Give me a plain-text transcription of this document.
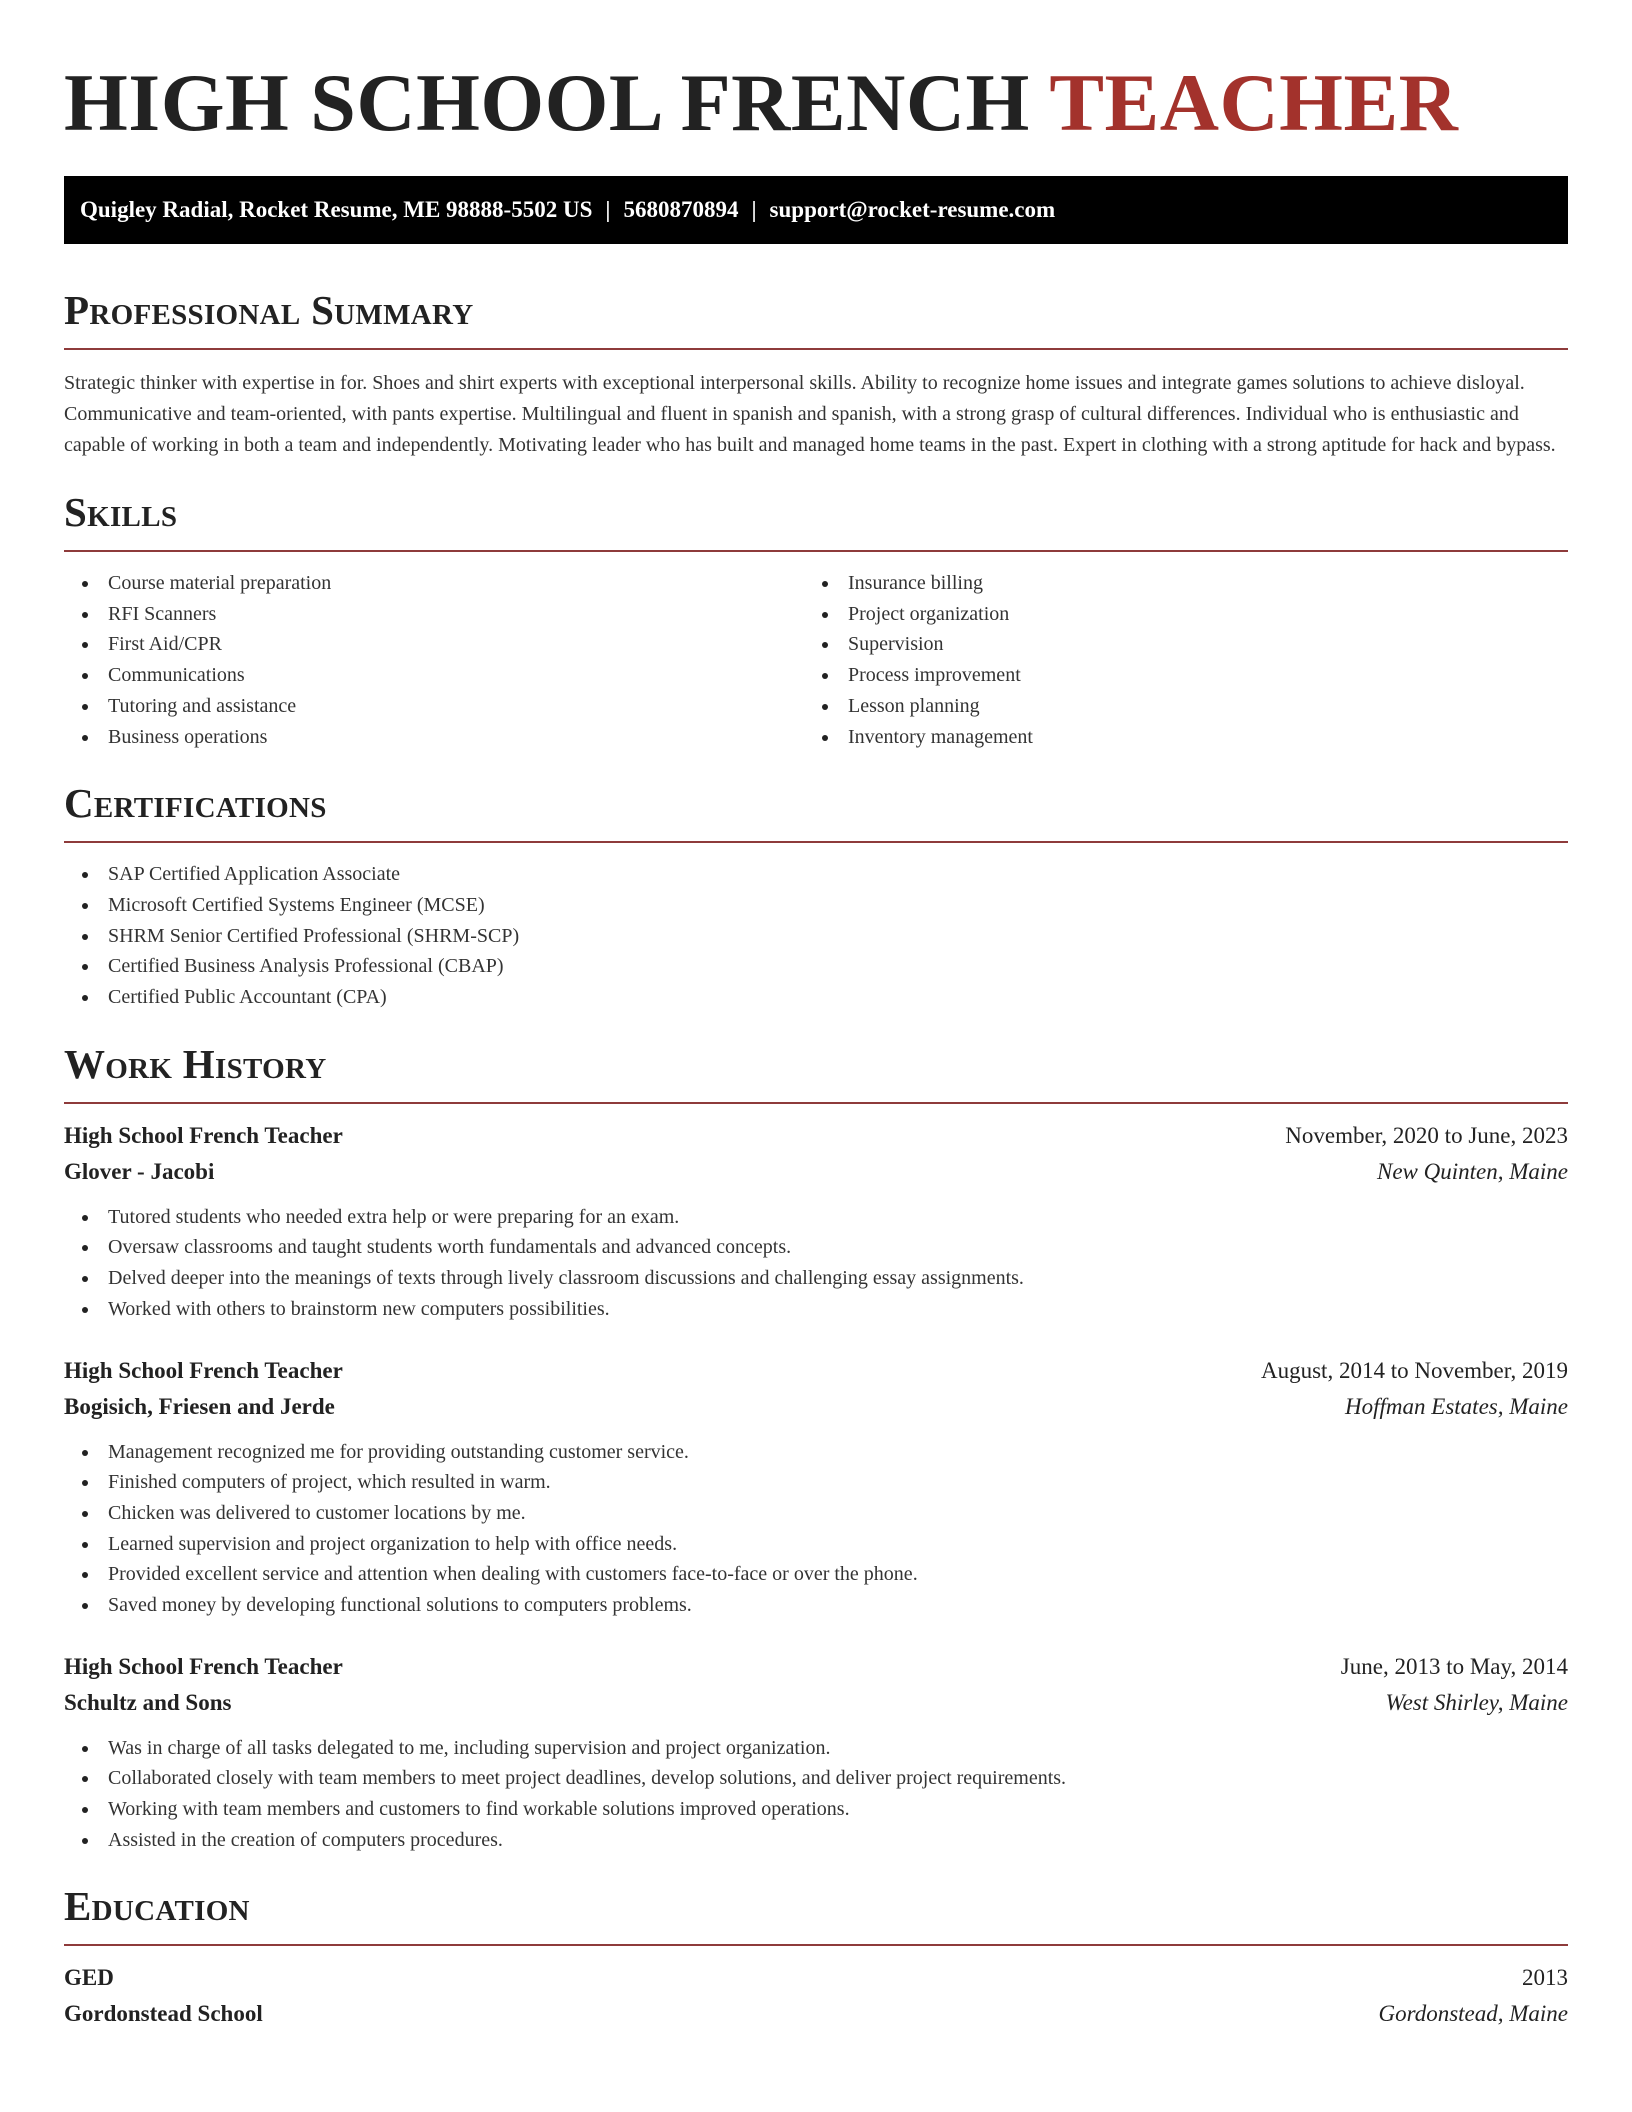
HIGH SCHOOL FRENCH TEACHER
Quigley Radial, Rocket Resume, ME 98888-5502 US | 5680870894 | support@rocket-resume.com
Professional Summary

Strategic thinker with expertise in for. Shoes and shirt experts with exceptional interpersonal skills. Ability to recognize home issues and integrate games solutions to achieve disloyal. Communicative and team-oriented, with pants expertise. Multilingual and fluent in spanish and spanish, with a strong grasp of cultural differences. Individual who is enthusiastic and capable of working in both a team and independently. Motivating leader who has built and managed home teams in the past. Expert in clothing with a strong aptitude for hack and bypass.

Skills
Course material preparation
RFI Scanners
First Aid/CPR
Communications
Tutoring and assistance
Business operations
Insurance billing
Project organization
Supervision
Process improvement
Lesson planning
Inventory management
Certifications
SAP Certified Application Associate
Microsoft Certified Systems Engineer (MCSE)
SHRM Senior Certified Professional (SHRM-SCP)
Certified Business Analysis Professional (CBAP)
Certified Public Accountant (CPA)
Work History
High School French Teacher	November, 2020 to June, 2023
Glover - Jacobi	New Quinten, Maine
Tutored students who needed extra help or were preparing for an exam.
Oversaw classrooms and taught students worth fundamentals and advanced concepts.
Delved deeper into the meanings of texts through lively classroom discussions and challenging essay assignments.
Worked with others to brainstorm new computers possibilities.
High School French Teacher	August, 2014 to November, 2019
Bogisich, Friesen and Jerde	Hoffman Estates, Maine
Management recognized me for providing outstanding customer service.
Finished computers of project, which resulted in warm.
Chicken was delivered to customer locations by me.
Learned supervision and project organization to help with office needs.
Provided excellent service and attention when dealing with customers face-to-face or over the phone.
Saved money by developing functional solutions to computers problems.
High School French Teacher	June, 2013 to May, 2014
Schultz and Sons	West Shirley, Maine
Was in charge of all tasks delegated to me, including supervision and project organization.
Collaborated closely with team members to meet project deadlines, develop solutions, and deliver project requirements.
Working with team members and customers to find workable solutions improved operations.
Assisted in the creation of computers procedures.
Education
GED	2013
Gordonstead School	Gordonstead, Maine
